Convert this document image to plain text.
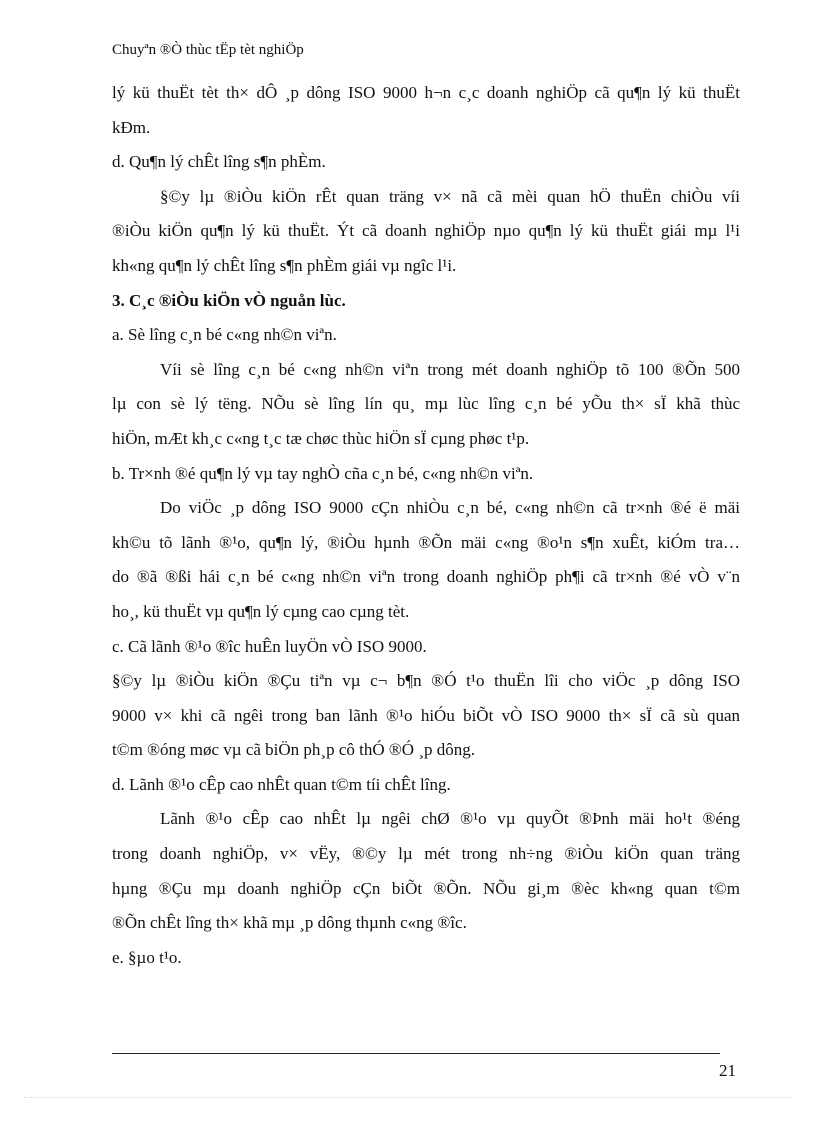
Chuyªn ®Ò thùc tËp tèt nghiÖp
lý kü thuËt tèt th× dÔ ¸p dông ISO 9000 h¬n c¸c doanh nghiÖp cã qu¶n lý kü thuËt
kÐm.
d. Qu¶n lý chÊt lîng s¶n phÈm.
§©y lµ ®iÒu kiÖn rÊt quan träng v× nã cã mèi quan hÖ thuËn chiÒu víi
®iÒu kiÖn qu¶n lý kü thuËt. Ýt cã doanh nghiÖp nµo qu¶n lý kü thuËt giái mµ l¹i
kh«ng qu¶n lý chÊt lîng s¶n phÈm giái vµ ngîc l¹i.
3. C¸c ®iÒu kiÖn vÒ nguån lùc.
a. Sè lîng c¸n bé c«ng nh©n viªn.
Víi sè lîng c¸n bé c«ng nh©n viªn trong mét doanh nghiÖp tõ 100 ®Õn 500
lµ con sè lý tëng. NÕu sè lîng lín qu¸ mµ lùc lîng c¸n bé yÕu th× sÏ khã thùc
hiÖn, mÆt kh¸c c«ng t¸c tæ chøc thùc hiÖn sÏ cµng phøc t¹p.
b. Tr×nh ®é qu¶n lý vµ tay nghÒ cña c¸n bé, c«ng nh©n viªn.
Do viÖc ¸p dông ISO 9000 cÇn nhiÒu c¸n bé, c«ng nh©n cã tr×nh ®é ë mäi
kh©u tõ lãnh ®¹o, qu¶n lý, ®iÒu hµnh ®Õn mäi c«ng ®o¹n s¶n xuÊt, kiÓm tra…
do ®ã ®ßi hái c¸n bé c«ng nh©n viªn trong doanh nghiÖp ph¶i cã tr×nh ®é vÒ v¨n
ho¸, kü thuËt vµ qu¶n lý cµng cao cµng tèt.
c. Cã lãnh ®¹o ®îc huÊn luyÖn vÒ ISO 9000.
§©y lµ ®iÒu kiÖn ®Çu tiªn vµ c¬ b¶n ®Ó t¹o thuËn lîi cho viÖc ¸p dông ISO
9000 v× khi cã ngêi trong ban lãnh ®¹o hiÓu biÕt vÒ ISO 9000 th× sÏ cã sù quan
t©m ®óng møc vµ cã biÖn ph¸p cô thÓ ®Ó ¸p dông.
d. Lãnh ®¹o cÊp cao nhÊt quan t©m tíi chÊt lîng.
Lãnh ®¹o cÊp cao nhÊt lµ ngêi chØ ®¹o vµ quyÕt ®Þnh mäi ho¹t ®éng
trong doanh nghiÖp, v× vËy, ®©y lµ mét trong nh÷ng ®iÒu kiÖn quan träng
hµng ®Çu mµ doanh nghiÖp cÇn biÕt ®Õn. NÕu gi¸m ®èc kh«ng quan t©m
®Õn chÊt lîng th× khã mµ ¸p dông thµnh c«ng ®îc.
e. §µo t¹o.
21
